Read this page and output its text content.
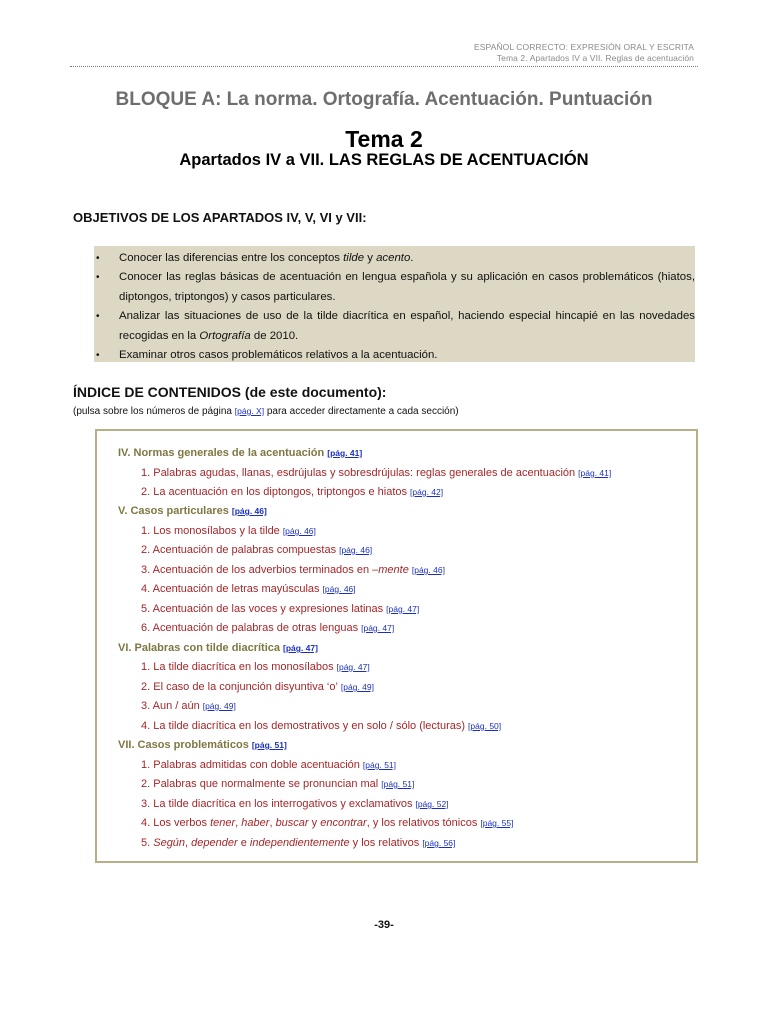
ESPAÑOL CORRECTO: EXPRESIÓN ORAL Y ESCRITA
Tema 2. Apartados IV a VII. Reglas de acentuación
BLOQUE A: La norma. Ortografía. Acentuación. Puntuación
Tema 2
Apartados IV a VII. LAS REGLAS DE ACENTUACIÓN
OBJETIVOS DE LOS APARTADOS IV, V, VI y VII:
• Conocer las diferencias entre los conceptos tilde y acento.
• Conocer las reglas básicas de acentuación en lengua española y su aplicación en casos problemáticos (hiatos, diptongos, triptongos) y casos particulares.
• Analizar las situaciones de uso de la tilde diacrítica en español, haciendo especial hincapié en las novedades recogidas en la Ortografía de 2010.
• Examinar otros casos problemáticos relativos a la acentuación.
ÍNDICE DE CONTENIDOS (de este documento):
(pulsa sobre los números de página [pág. X] para acceder directamente a cada sección)
IV. Normas generales de la acentuación [pág. 41]
1. Palabras agudas, llanas, esdrújulas y sobresdrújulas: reglas generales de acentuación [pág. 41]
2. La acentuación en los diptongos, triptongos e hiatos [pág. 42]
V. Casos particulares [pág. 46]
1. Los monosílabos y la tilde [pág. 46]
2. Acentuación de palabras compuestas [pág. 46]
3. Acentuación de los adverbios terminados en –mente [pág. 46]
4. Acentuación de letras mayúsculas [pág. 46]
5. Acentuación de las voces y expresiones latinas [pág. 47]
6. Acentuación de palabras de otras lenguas [pág. 47]
VI. Palabras con tilde diacrítica [pág. 47]
1. La tilde diacrítica en los monosílabos [pág. 47]
2. El caso de la conjunción disyuntiva ‘o’ [pág. 49]
3. Aun / aún [pág. 49]
4. La tilde diacrítica en los demostrativos y en solo / sólo (lecturas) [pág. 50]
VII. Casos problemáticos [pág. 51]
1. Palabras admitidas con doble acentuación [pág. 51]
2. Palabras que normalmente se pronuncian mal [pág. 51]
3. La tilde diacrítica en los interrogativos y exclamativos [pág. 52]
4. Los verbos tener, haber, buscar y encontrar, y los relativos tónicos [pág. 55]
5. Según, depender e independientemente y los relativos [pág. 56]
-39-
